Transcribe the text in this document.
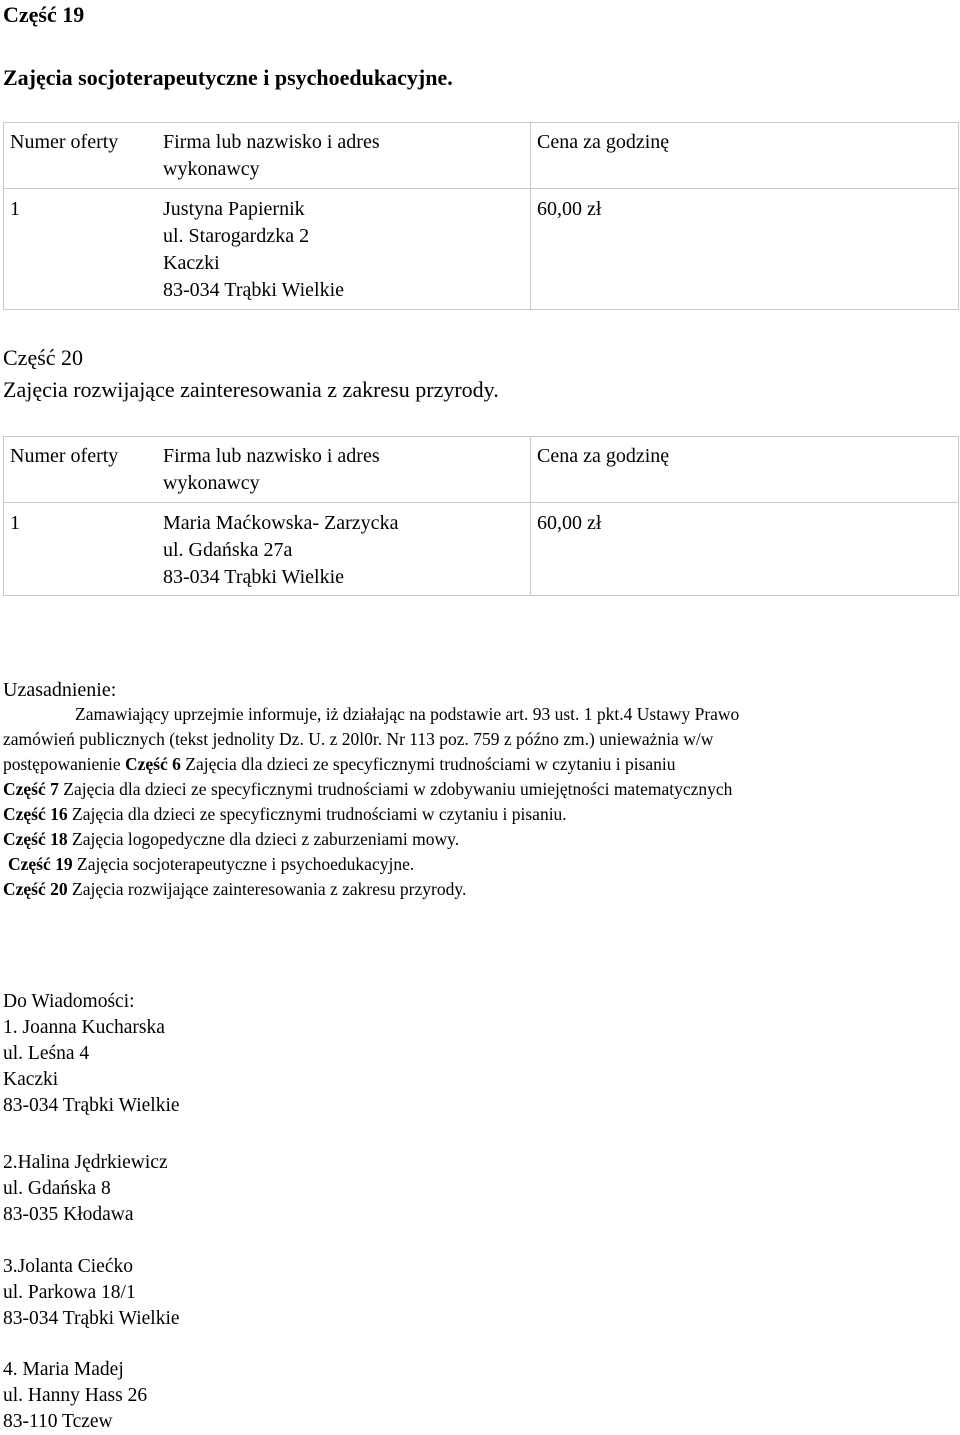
Część 19
Zajęcia socjoterapeutyczne i psychoedukacyjne.
Numer oferty Firma lub nazwisko i adres
wykonawcy
Cena za godzinę
1	Justyna Papiernik
ul. Starogardzka 2
Kaczki
83-034 Trąbki Wielkie
60,00 zł
Część 20
Zajęcia rozwijające zainteresowania z zakresu przyrody.
Numer oferty Firma lub nazwisko i adres
wykonawcy
Cena za godzinę
1	Maria Maćkowska- Zarzycka
ul. Gdańska 27a
83-034 Trąbki Wielkie
60,00 zł
Uzasadnienie:
Zamawiający uprzejmie informuje, iż działając na podstawie art. 93 ust. 1 pkt.4 Ustawy Prawo
zamówień publicznych (tekst jednolity Dz. U. z 20l0r. Nr 113 poz. 759 z późno zm.) unieważnia w/w
postępowanienie Część 6 Zajęcia dla dzieci ze specyficznymi trudnościami w czytaniu i pisaniu
Część 7 Zajęcia dla dzieci ze specyficznymi trudnościami w zdobywaniu umiejętności matematycznych
Część 16 Zajęcia dla dzieci ze specyficznymi trudnościami w czytaniu i pisaniu.
Część 18 Zajęcia logopedyczne dla dzieci z zaburzeniami mowy.
Część 19 Zajęcia socjoterapeutyczne i psychoedukacyjne.
Część 20 Zajęcia rozwijające zainteresowania z zakresu przyrody.
Do Wiadomości:
1. Joanna Kucharska
ul. Leśna 4
Kaczki
83-034 Trąbki Wielkie
2.Halina Jędrkiewicz
ul. Gdańska 8
83-035 Kłodawa
3.Jolanta Ciećko
ul. Parkowa 18/1
83-034 Trąbki Wielkie
4. Maria Madej
ul. Hanny Hass 26
83-110 Tczew
